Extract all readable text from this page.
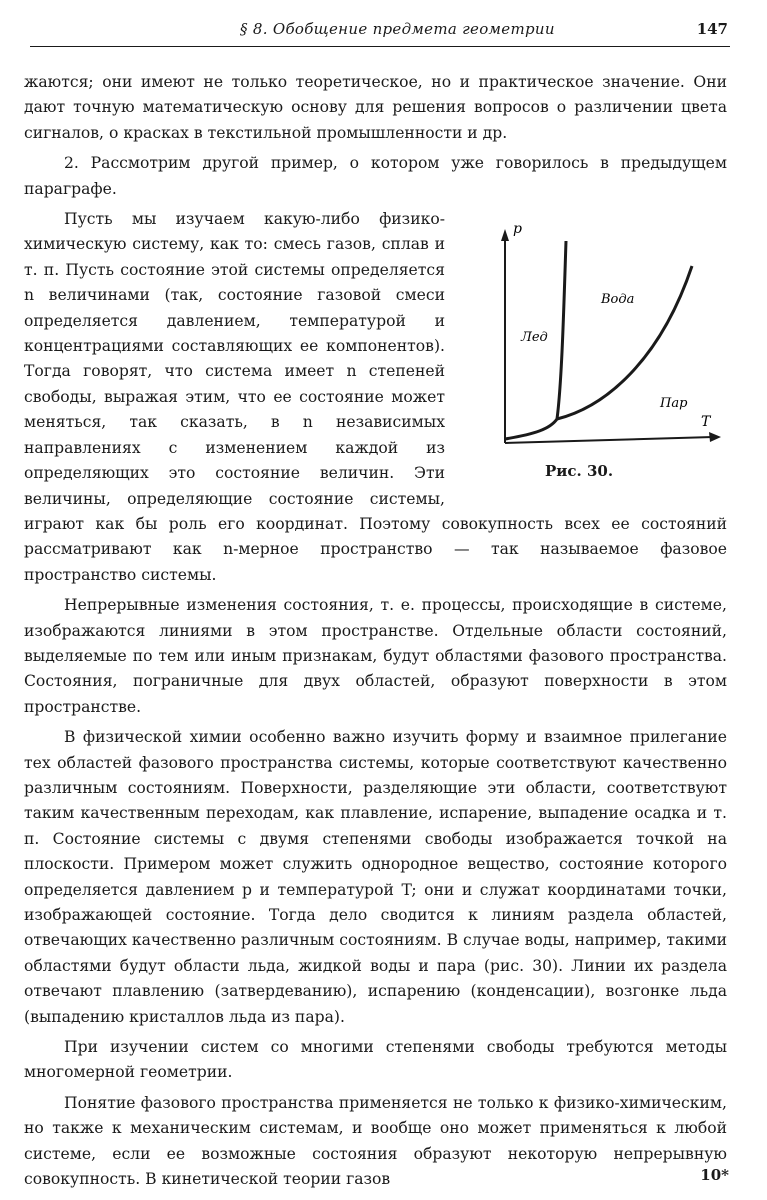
§ 8. Обобщение предмета геометрии	147

жаются; они имеют не только теоретическое, но и практическое значение. Они дают точную математическую основу для решения вопросов о различении цвета сигналов, о красках в текстильной промышленности и др.

2. Рассмотрим другой пример, о котором уже говорилось в предыдущем параграфе.

p
T
Лед
Вода
Пар
Рис. 30.

Пусть мы изучаем какую-либо физико-химическую систему, как то: смесь газов, сплав и т. п. Пусть состояние этой системы определяется n величинами (так, состояние газовой смеси определяется давлением, температурой и концентрациями составляющих ее компонентов). Тогда говорят, что система имеет n степеней свободы, выражая этим, что ее состояние может меняться, так сказать, в n независимых направлениях с изменением каждой из определяющих это состояние величин. Эти величины, определяющие состояние системы, играют как бы роль его координат. Поэтому совокупность всех ее состояний рассматривают как n-мерное пространство — так называемое фазовое пространство системы.

Непрерывные изменения состояния, т. е. процессы, происходящие в системе, изображаются линиями в этом пространстве. Отдельные области состояний, выделяемые по тем или иным признакам, будут областями фазового пространства. Состояния, пограничные для двух областей, образуют поверхности в этом пространстве.

В физической химии особенно важно изучить форму и взаимное прилегание тех областей фазового пространства системы, которые соответствуют качественно различным состояниям. Поверхности, разделяющие эти области, соответствуют таким качественным переходам, как плавление, испарение, выпадение осадка и т. п. Состояние системы с двумя степенями свободы изображается точкой на плоскости. Примером может служить однородное вещество, состояние которого определяется давлением p и температурой T; они и служат координатами точки, изображающей состояние. Тогда дело сводится к линиям раздела областей, отвечающих качественно различным состояниям. В случае воды, например, такими областями будут области льда, жидкой воды и пара (рис. 30). Линии их раздела отвечают плавлению (затвердеванию), испарению (конденсации), возгонке льда (выпадению кристаллов льда из пара).

При изучении систем со многими степенями свободы требуются методы многомерной геометрии.

Понятие фазового пространства применяется не только к физико-химическим, но также к механическим системам, и вообще оно может применяться к любой системе, если ее возможные состояния образуют некоторую непрерывную совокупность. В кинетической теории газов	10*
